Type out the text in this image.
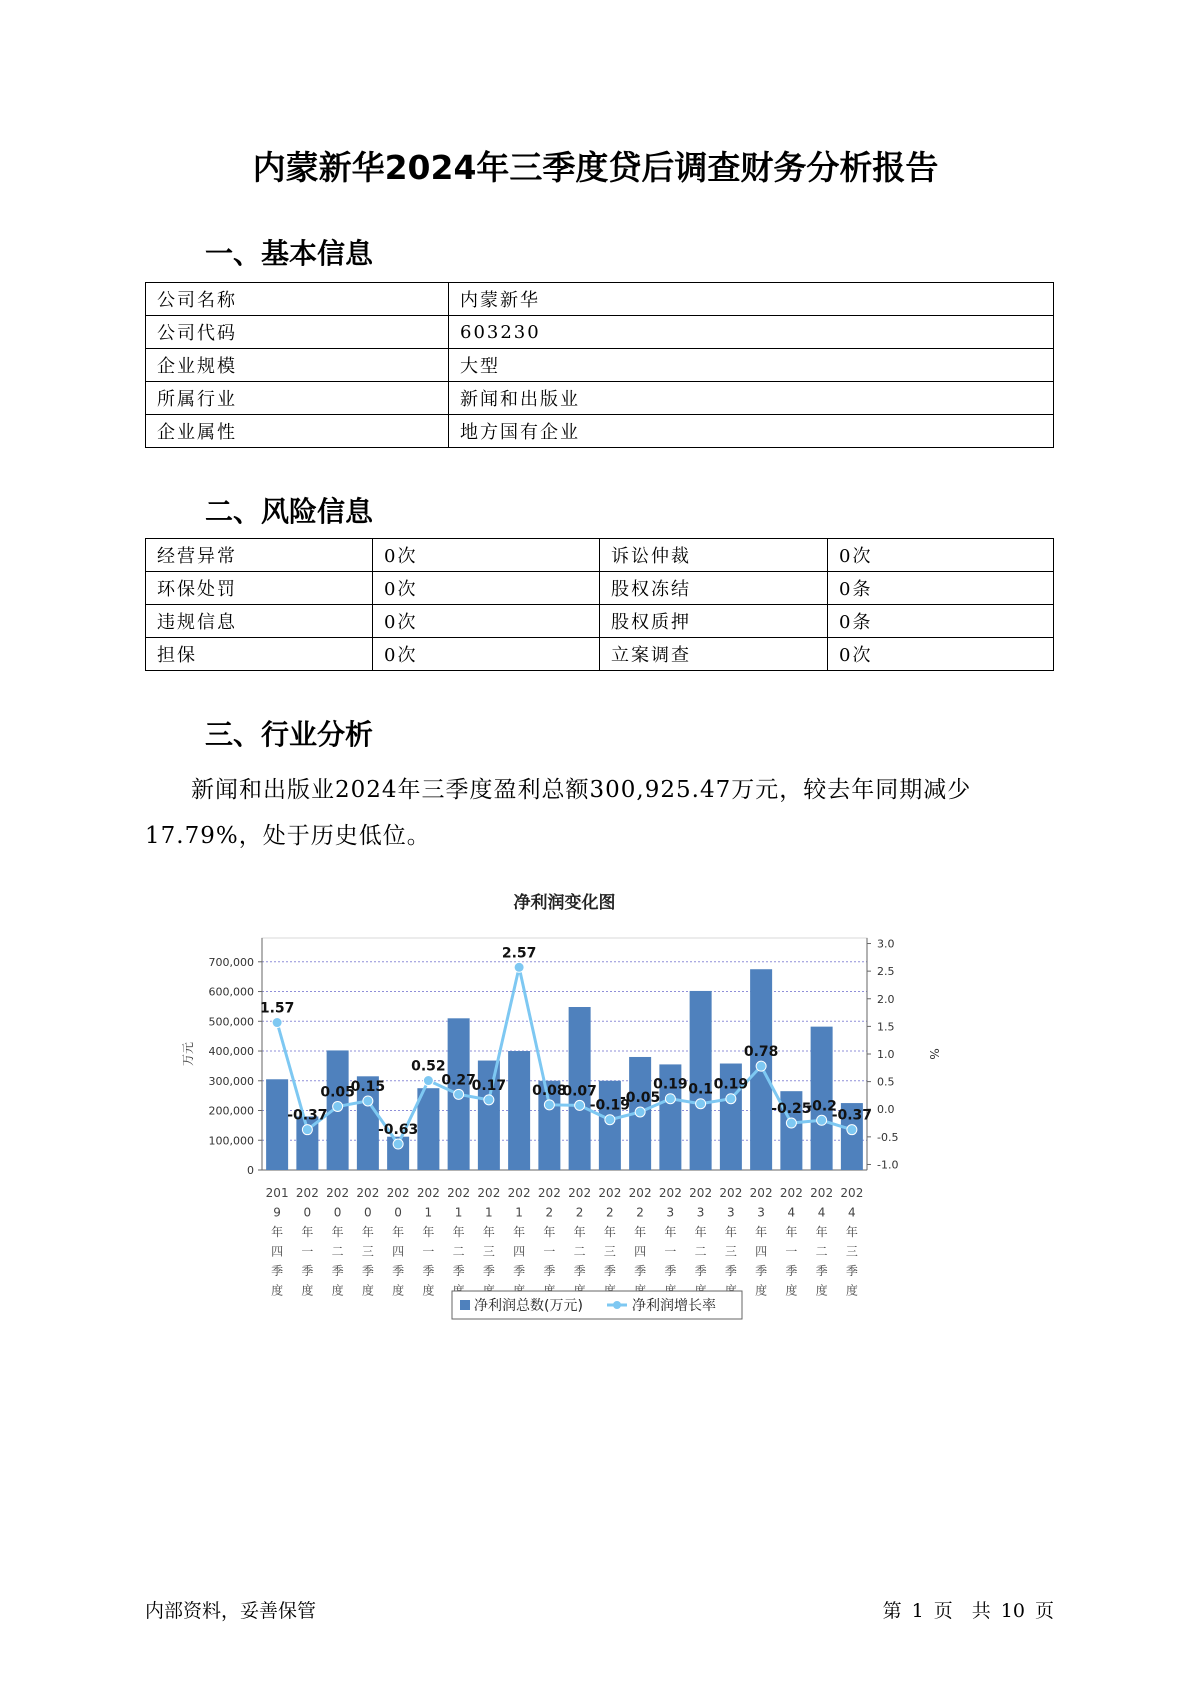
内蒙新华2024年三季度贷后调查财务分析报告
一、基本信息
公司名称	内蒙新华
公司代码	603230
企业规模	大型
所属行业	新闻和出版业
企业属性	地方国有企业
二、风险信息
经营异常	0次	诉讼仲裁	0次
环保处罚	0次	股权冻结	0条
违规信息	0次	股权质押	0条
担保	0次	立案调查	0次
三、行业分析

新闻和出版业2024年三季度盈利总额300,925.47万元，较去年同期减少17.79%，处于历史低位。

净利润变化图
0
100,000
200,000
300,000
400,000
500,000
600,000
700,000
-1.0
-0.5
0.0
0.5
1.0
1.5
2.0
2.5
3.0
万元	%
1.57
-0.37
0.05
0.15
-0.63
0.52
0.27
0.17
2.57
0.08
0.07
-0.19
-0.05
0.19 0.1 0.19
0.78
-0.25
-0.2
-0.37
201 9 年四季度
202 0 年一季度
202 0 年二季度
202 0 年三季度
202 0 年四季度
202 1 年一季度
202 1 年二季
202 1 年三季
202 1 年四季
202 2 年一季
202 2 年二季
202 2 年三季
202 2 年四季
202 3 年一季
202 3 年二季
202 3 年三季
202 3 年四季度
202 4 年一季度
202 4 年二季度
202 4 年三季度
净利润总数(万元)	净利润增长率
内部资料，妥善保管	第 1 页　共 10 页
